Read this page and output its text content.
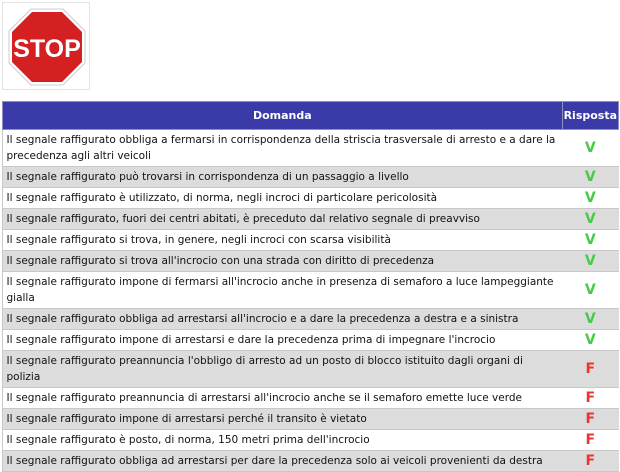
STOP
Domanda	Risposta
Il segnale raffigurato obbliga a fermarsi in corrispondenza della striscia trasversale di arresto e a dare la precedenza agli altri veicoli	V
Il segnale raffigurato può trovarsi in corrispondenza di un passaggio a livello	V
Il segnale raffigurato è utilizzato, di norma, negli incroci di particolare pericolosità	V
Il segnale raffigurato, fuori dei centri abitati, è preceduto dal relativo segnale di preavviso	V
Il segnale raffigurato si trova, in genere, negli incroci con scarsa visibilità	V
Il segnale raffigurato si trova all'incrocio con una strada con diritto di precedenza	V
Il segnale raffigurato impone di fermarsi all'incrocio anche in presenza di semaforo a luce lampeggiante gialla	V
Il segnale raffigurato obbliga ad arrestarsi all'incrocio e a dare la precedenza a destra e a sinistra	V
Il segnale raffigurato impone di arrestarsi e dare la precedenza prima di impegnare l'incrocio	V
Il segnale raffigurato preannuncia l'obbligo di arresto ad un posto di blocco istituito dagli organi di polizia	F
Il segnale raffigurato preannuncia di arrestarsi all'incrocio anche se il semaforo emette luce verde	F
Il segnale raffigurato impone di arrestarsi perché il transito è vietato	F
Il segnale raffigurato è posto, di norma, 150 metri prima dell'incrocio	F
Il segnale raffigurato obbliga ad arrestarsi per dare la precedenza solo ai veicoli provenienti da destra	F
